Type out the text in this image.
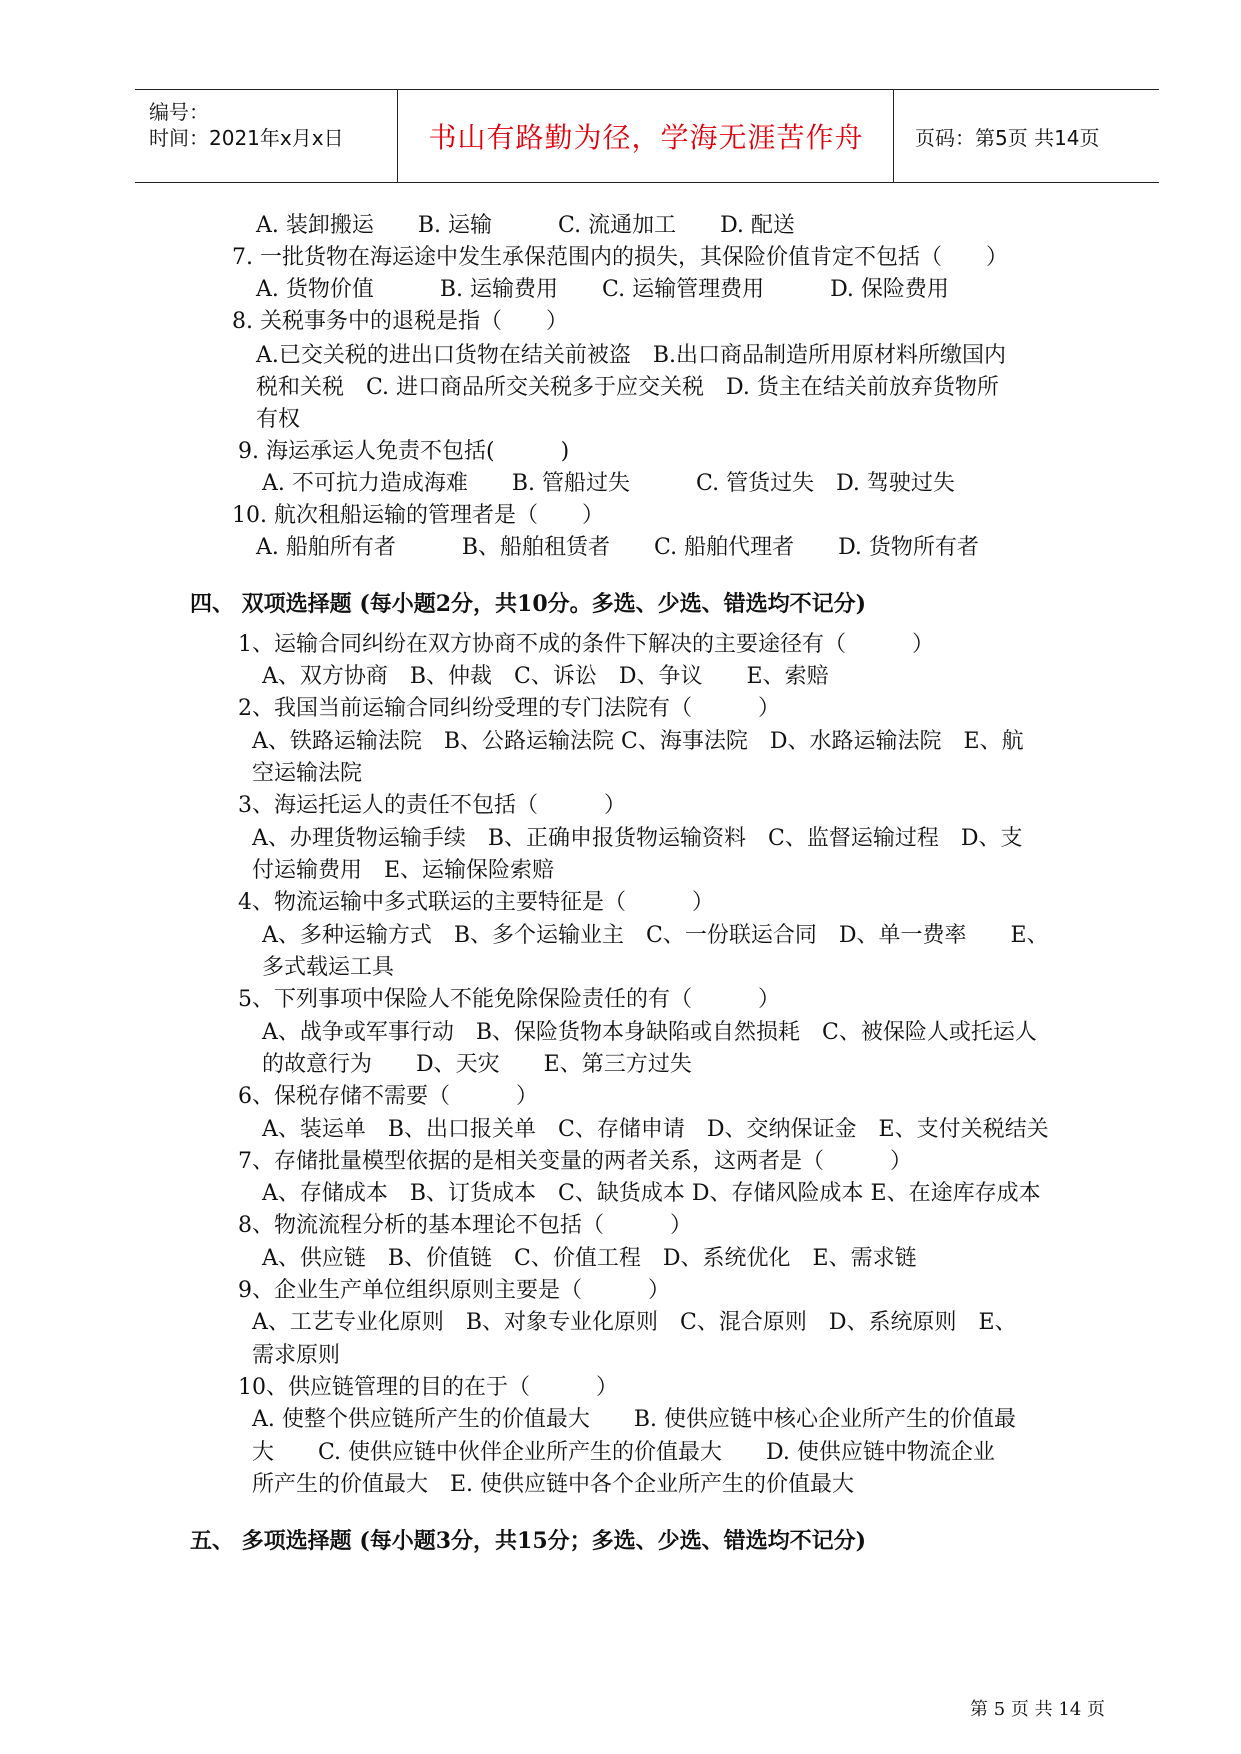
编号：
时间：2021年x月x日	书山有路勤为径，学海无涯苦作舟	页码：第5页 共14页
A. 装卸搬运　　B. 运输　　　C. 流通加工　　D. 配送
7. 一批货物在海运途中发生承保范围内的损失，其保险价值肯定不包括（　　）
A. 货物价值　　　B. 运输费用　　C. 运输管理费用　　　D. 保险费用
8. 关税事务中的退税是指（　　）
A.已交关税的进出口货物在结关前被盗　B.出口商品制造所用原材料所缴国内
税和关税　C. 进口商品所交关税多于应交关税　D. 货主在结关前放弃货物所
有权
9. 海运承运人免责不包括(　　　)
A. 不可抗力造成海难　　B. 管船过失　　　C. 管货过失　D. 驾驶过失
10. 航次租船运输的管理者是（　　）
A. 船舶所有者　　　B、船舶租赁者　　C. 船舶代理者　　D. 货物所有者
四、 双项选择题 (每小题2分，共10分。多选、少选、错选均不记分)
1、运输合同纠纷在双方协商不成的条件下解决的主要途径有（　　　）
A、双方协商　B、仲裁　C、诉讼　D、争议　　E、索赔
2、我国当前运输合同纠纷受理的专门法院有（　　　）
A、铁路运输法院　B、公路运输法院 C、海事法院　D、水路运输法院　E、航
空运输法院
3、海运托运人的责任不包括（　　　）
A、办理货物运输手续　B、正确申报货物运输资料　C、监督运输过程　D、支
付运输费用　E、运输保险索赔
4、物流运输中多式联运的主要特征是（　　　）
A、多种运输方式　B、多个运输业主　C、一份联运合同　D、单一费率　　E、
多式载运工具
5、下列事项中保险人不能免除保险责任的有（　　　）
A、战争或军事行动　B、保险货物本身缺陷或自然损耗　C、被保险人或托运人
的故意行为　　D、天灾　　E、第三方过失
6、保税存储不需要（　　　）
A、装运单　B、出口报关单　C、存储申请　D、交纳保证金　E、支付关税结关
7、存储批量模型依据的是相关变量的两者关系，这两者是（　　　）
A、存储成本　B、订货成本　C、缺货成本 D、存储风险成本 E、在途库存成本
8、物流流程分析的基本理论不包括（　　　）
A、供应链　B、价值链　C、价值工程　D、系统优化　E、需求链
9、企业生产单位组织原则主要是（　　　）
A、工艺专业化原则　B、对象专业化原则　C、混合原则　D、系统原则　E、
需求原则
10、供应链管理的目的在于（　　　）
A. 使整个供应链所产生的价值最大　　B. 使供应链中核心企业所产生的价值最
大　　C. 使供应链中伙伴企业所产生的价值最大　　D. 使供应链中物流企业
所产生的价值最大　E. 使供应链中各个企业所产生的价值最大
五、 多项选择题 (每小题3分，共15分；多选、少选、错选均不记分)
第 5 页 共 14 页
